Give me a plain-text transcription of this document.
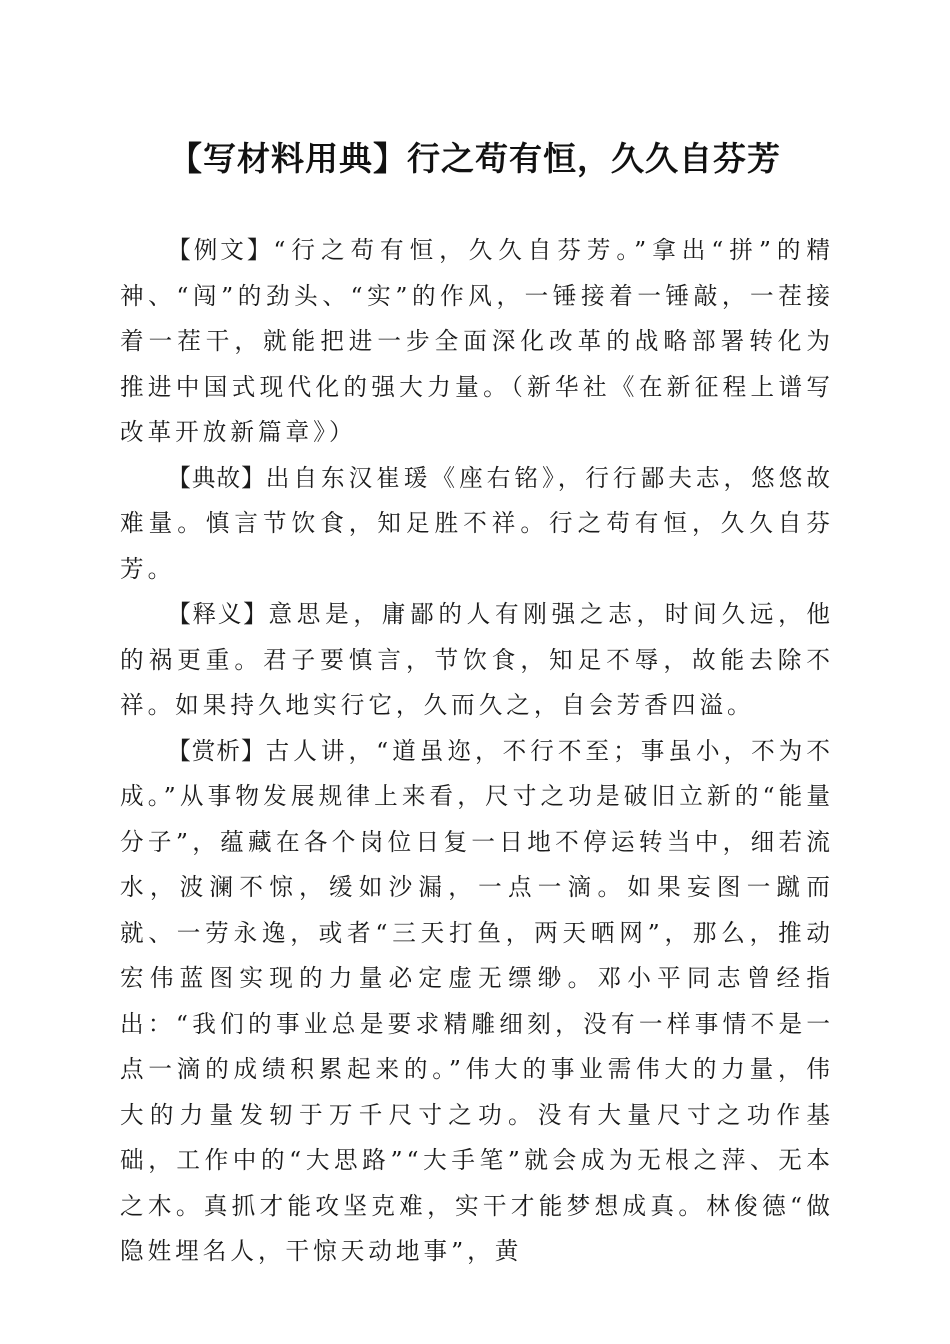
【写材料用典】行之苟有恒，久久自芬芳

【例文】“行之苟有恒，久久自芬芳。”拿出“拼”的精神、“闯”的劲头、“实”的作风，一锤接着一锤敲，一茬接着一茬干，就能把进一步全面深化改革的战略部署转化为推进中国式现代化的强大力量。（新华社《在新征程上谱写改革开放新篇章》）

【典故】出自东汉崔瑗《座右铭》，行行鄙夫志，悠悠故难量。慎言节饮食，知足胜不祥。行之苟有恒，久久自芬芳。

【释义】意思是，庸鄙的人有刚强之志，时间久远，他的祸更重。君子要慎言，节饮食，知足不辱，故能去除不祥。如果持久地实行它，久而久之，自会芳香四溢。

【赏析】古人讲，“道虽迩，不行不至；事虽小，不为不成。”从事物发展规律上来看，尺寸之功是破旧立新的“能量分子”，蕴藏在各个岗位日复一日地不停运转当中，细若流水，波澜不惊，缓如沙漏，一点一滴。如果妄图一蹴而就、一劳永逸，或者“三天打鱼，两天晒网”，那么，推动宏伟蓝图实现的力量必定虚无缥缈。邓小平同志曾经指出：“我们的事业总是要求精雕细刻，没有一样事情不是一点一滴的成绩积累起来的。”伟大的事业需伟大的力量，伟大的力量发轫于万千尺寸之功。没有大量尺寸之功作基础，工作中的“大思路”“大手笔”就会成为无根之萍、无本之木。真抓才能攻坚克难，实干才能梦想成真。林俊德“做隐姓埋名人，干惊天动地事”，黄
